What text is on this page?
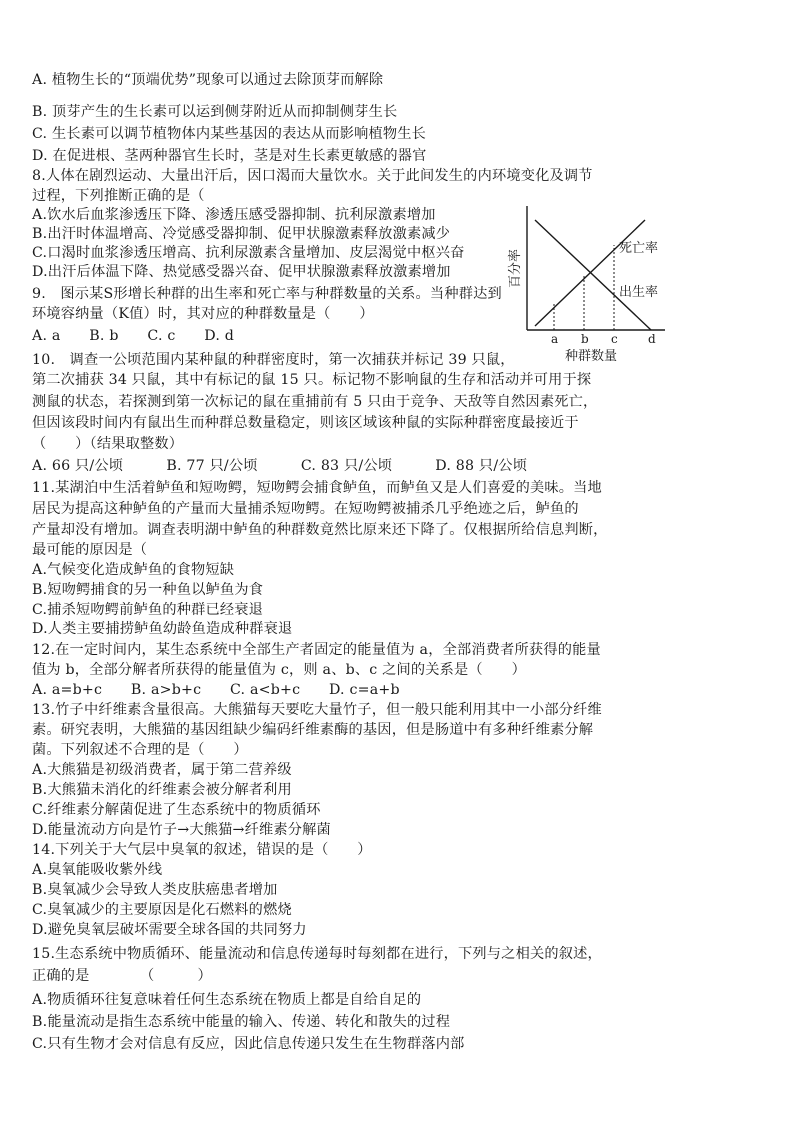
A. 植物生长的“顶端优势”现象可以通过去除顶芽而解除
B. 顶芽产生的生长素可以运到侧芽附近从而抑制侧芽生长
C. 生长素可以调节植物体内某些基因的表达从而影响植物生长
D. 在促进根、茎两种器官生长时，茎是对生长素更敏感的器官
8.人体在剧烈运动、大量出汗后，因口渴而大量饮水。关于此间发生的内环境变化及调节
过程，下列推断正确的是（
A.饮水后血浆渗透压下降、渗透压感受器抑制、抗利尿激素增加
B.出汗时体温增高、冷觉感受器抑制、促甲状腺激素释放激素减少
C.口渴时血浆渗透压增高、抗利尿激素含量增加、皮层渴觉中枢兴奋
D.出汗后体温下降、热觉感受器兴奋、促甲状腺激素释放激素增加
9.　图示某S形增长种群的出生率和死亡率与种群数量的关系。当种群达到
环境容纳量（K值）时，其对应的种群数量是（　　）
A. a　　B. b　　C. c　　D. d
10.　调查一公顷范围内某种鼠的种群密度时，第一次捕获并标记 39 只鼠，
第二次捕获 34 只鼠，其中有标记的鼠 15 只。标记物不影响鼠的生存和活动并可用于探
测鼠的状态，若探测到第一次标记的鼠在重捕前有 5 只由于竞争、天敌等自然因素死亡，
但因该段时间内有鼠出生而种群总数量稳定，则该区域该种鼠的实际种群密度最接近于
（　　）（结果取整数）
A. 66 只/公顷　　　B. 77 只/公顷　　　C. 83 只/公顷　　　D. 88 只/公顷
11.某湖泊中生活着鲈鱼和短吻鳄，短吻鳄会捕食鲈鱼，而鲈鱼又是人们喜爱的美味。当地
居民为提高这种鲈鱼的产量而大量捕杀短吻鳄。在短吻鳄被捕杀几乎绝迹之后，鲈鱼的
产量却没有增加。调查表明湖中鲈鱼的种群数竟然比原来还下降了。仅根据所给信息判断，
最可能的原因是（
A.气候变化造成鲈鱼的食物短缺
B.短吻鳄捕食的另一种鱼以鲈鱼为食
C.捕杀短吻鳄前鲈鱼的种群已经衰退
D.人类主要捕捞鲈鱼幼龄鱼造成种群衰退
12.在一定时间内，某生态系统中全部生产者固定的能量值为 a，全部消费者所获得的能量
值为 b，全部分解者所获得的能量值为 c，则 a、b、c 之间的关系是（　　）
A. a=b+c　　B. a>b+c　　C. a<b+c　　D. c=a+b
13.竹子中纤维素含量很高。大熊猫每天要吃大量竹子，但一般只能利用其中一小部分纤维
素。研究表明，大熊猫的基因组缺少编码纤维素酶的基因，但是肠道中有多种纤维素分解
菌。下列叙述不合理的是（　　）
A.大熊猫是初级消费者，属于第二营养级
B.大熊猫未消化的纤维素会被分解者利用
C.纤维素分解菌促进了生态系统中的物质循环
D.能量流动方向是竹子→大熊猫→纤维素分解菌
14.下列关于大气层中臭氧的叙述，错误的是（　　）
A.臭氧能吸收紫外线
B.臭氧减少会导致人类皮肤癌患者增加
C.臭氧减少的主要原因是化石燃料的燃烧
D.避免臭氧层破坏需要全球各国的共同努力
15.生态系统中物质循环、能量流动和信息传递每时每刻都在进行，下列与之相关的叙述，
正确的是　　　　（　　　）
A.物质循环往复意味着任何生态系统在物质上都是自给自足的
B.能量流动是指生态系统中能量的输入、传递、转化和散失的过程
C.只有生物才会对信息有反应，因此信息传递只发生在生物群落内部
百分率
死亡率
出生率
a b c	d
种群数量
